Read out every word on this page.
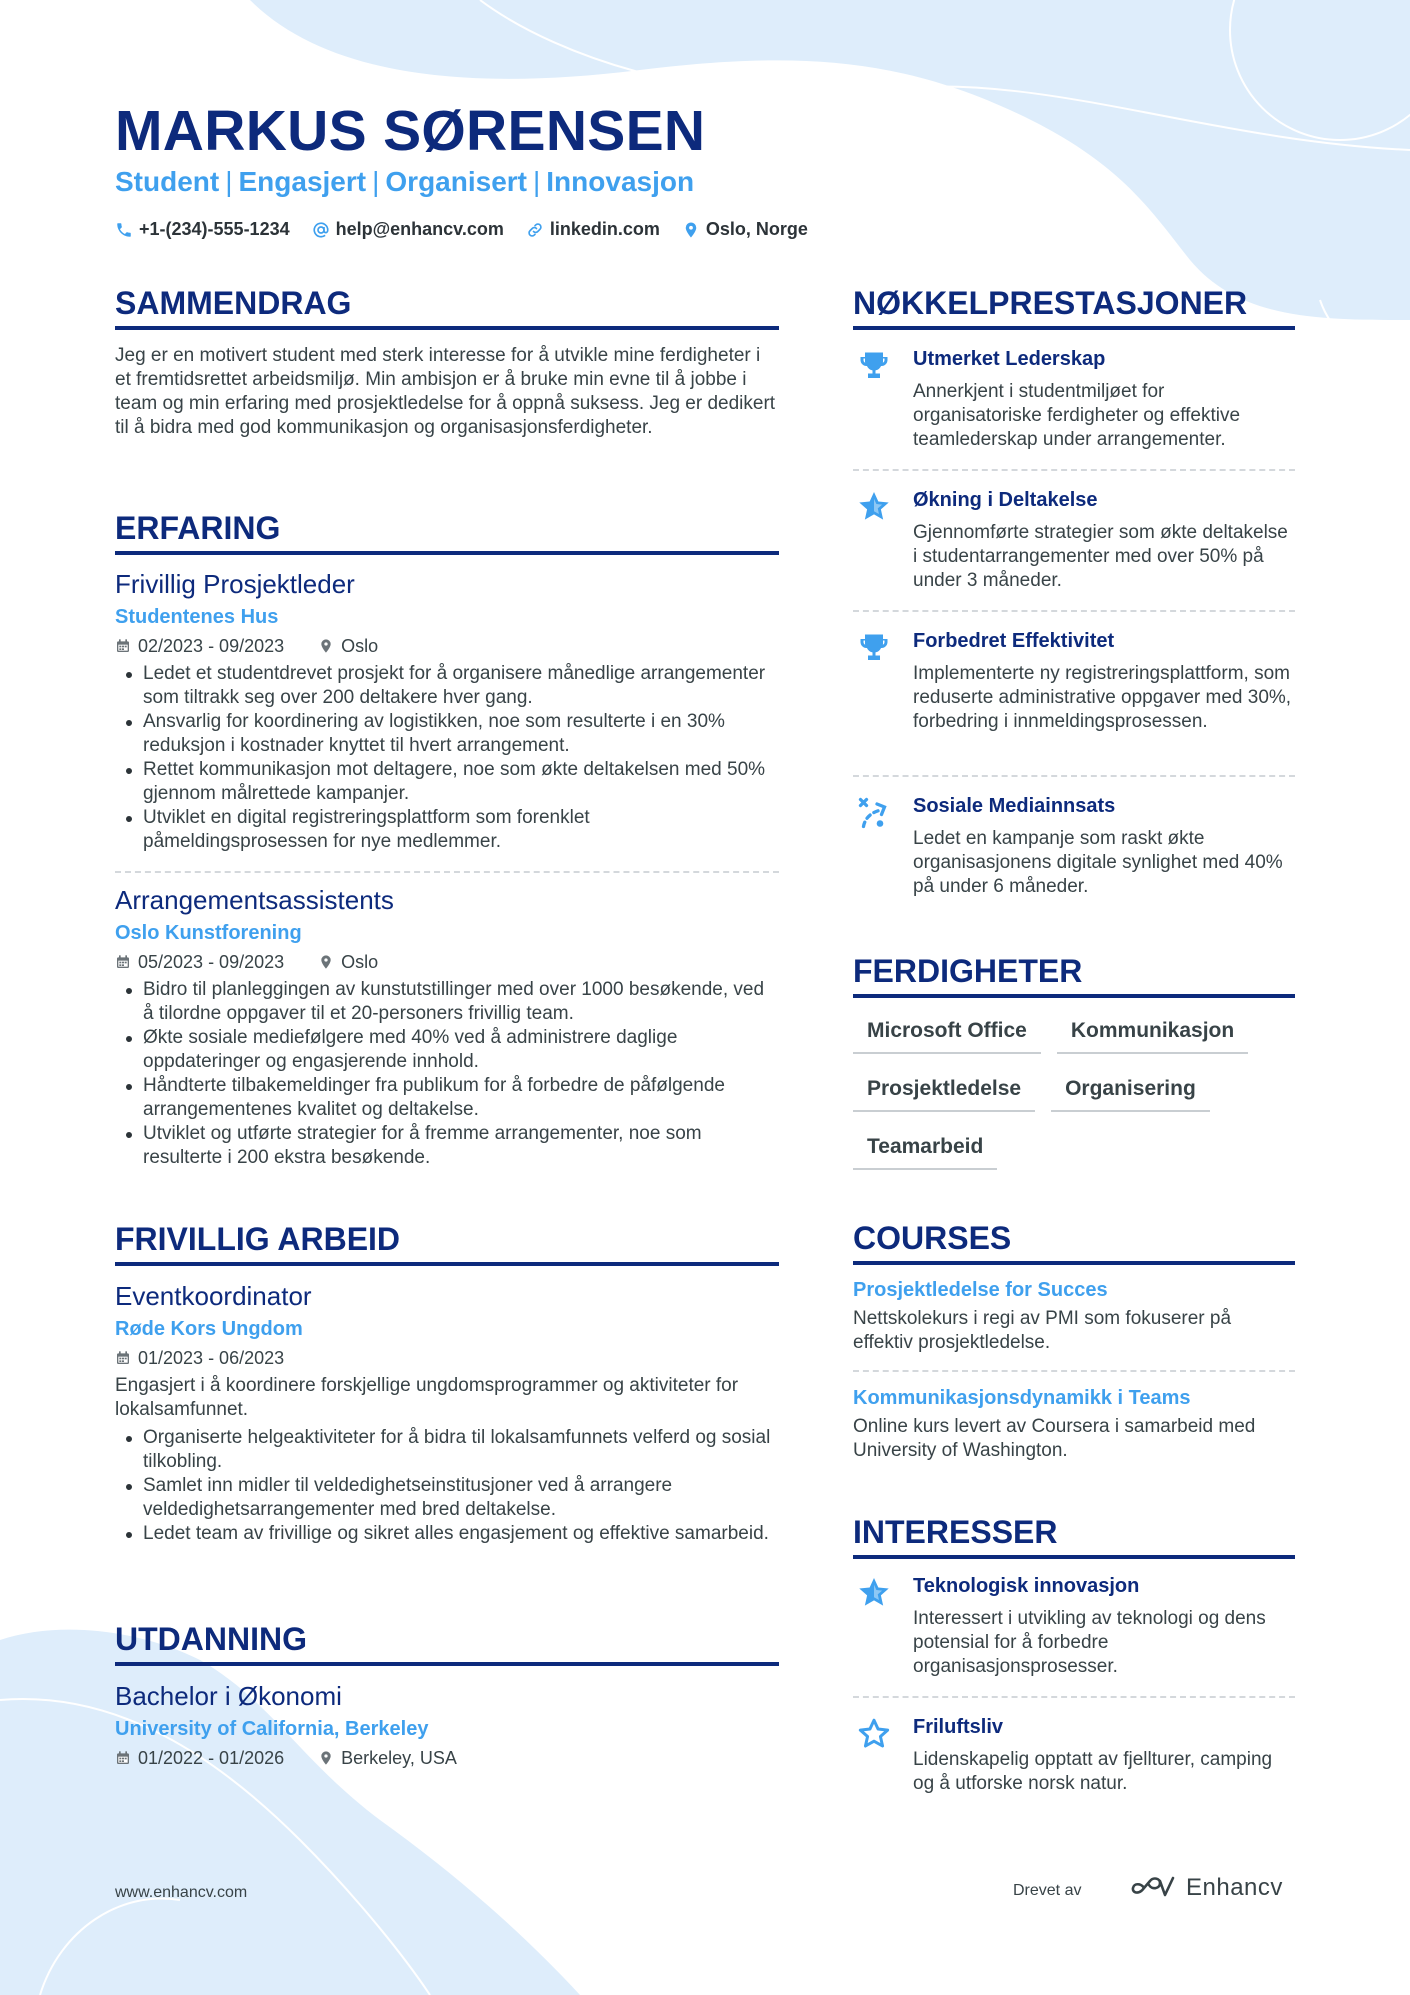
MARKUS SØRENSEN
Student | Engasjert | Organisert | Innovasjon
+1-(234)-555-1234	help@enhancv.com	linkedin.com	Oslo, Norge
SAMMENDRAG
Jeg er en motivert student med sterk interesse for å utvikle mine ferdigheter i et fremtidsrettet arbeidsmiljø. Min ambisjon er å bruke min evne til å jobbe i team og min erfaring med prosjektledelse for å oppnå suksess. Jeg er dedikert til å bidra med god kommunikasjon og organisasjonsferdigheter.
ERFARING
Frivillig Prosjektleder
Studentenes Hus
02/2023 - 09/2023	Oslo
Ledet et studentdrevet prosjekt for å organisere månedlige arrangementer som tiltrakk seg over 200 deltakere hver gang.
Ansvarlig for koordinering av logistikken, noe som resulterte i en 30% reduksjon i kostnader knyttet til hvert arrangement.
Rettet kommunikasjon mot deltagere, noe som økte deltakelsen med 50% gjennom målrettede kampanjer.
Utviklet en digital registreringsplattform som forenklet påmeldingsprosessen for nye medlemmer.
Arrangementsassistents
Oslo Kunstforening
05/2023 - 09/2023	Oslo
Bidro til planleggingen av kunstutstillinger med over 1000 besøkende, ved å tilordne oppgaver til et 20-personers frivillig team.
Økte sosiale mediefølgere med 40% ved å administrere daglige oppdateringer og engasjerende innhold.
Håndterte tilbakemeldinger fra publikum for å forbedre de påfølgende arrangementenes kvalitet og deltakelse.
Utviklet og utførte strategier for å fremme arrangementer, noe som resulterte i 200 ekstra besøkende.
FRIVILLIG ARBEID
Eventkoordinator
Røde Kors Ungdom
01/2023 - 06/2023
Engasjert i å koordinere forskjellige ungdomsprogrammer og aktiviteter for lokalsamfunnet.
Organiserte helgeaktiviteter for å bidra til lokalsamfunnets velferd og sosial tilkobling.
Samlet inn midler til veldedighetseinstitusjoner ved å arrangere veldedighetsarrangementer med bred deltakelse.
Ledet team av frivillige og sikret alles engasjement og effektive samarbeid.
UTDANNING
Bachelor i Økonomi
University of California, Berkeley
01/2022 - 01/2026	Berkeley, USA
NØKKELPRESTASJONER
Utmerket Lederskap
Annerkjent i studentmiljøet for organisatoriske ferdigheter og effektive teamlederskap under arrangementer.
Økning i Deltakelse
Gjennomførte strategier som økte deltakelse i studentarrangementer med over 50% på under 3 måneder.
Forbedret Effektivitet
Implementerte ny registreringsplattform, som reduserte administrative oppgaver med 30%, forbedring i innmeldingsprosessen.
Sosiale Mediainnsats
Ledet en kampanje som raskt økte organisasjonens digitale synlighet med 40% på under 6 måneder.
FERDIGHETER
Microsoft Office	Kommunikasjon
Prosjektledelse	Organisering
Teamarbeid
COURSES
Prosjektledelse for Succes
Nettskolekurs i regi av PMI som fokuserer på effektiv prosjektledelse.
Kommunikasjonsdynamikk i Teams
Online kurs levert av Coursera i samarbeid med University of Washington.
INTERESSER
Teknologisk innovasjon
Interessert i utvikling av teknologi og dens potensial for å forbedre organisasjonsprosesser.
Friluftsliv
Lidenskapelig opptatt av fjellturer, camping og å utforske norsk natur.
www.enhancv.com	Drevet av	Enhancv
